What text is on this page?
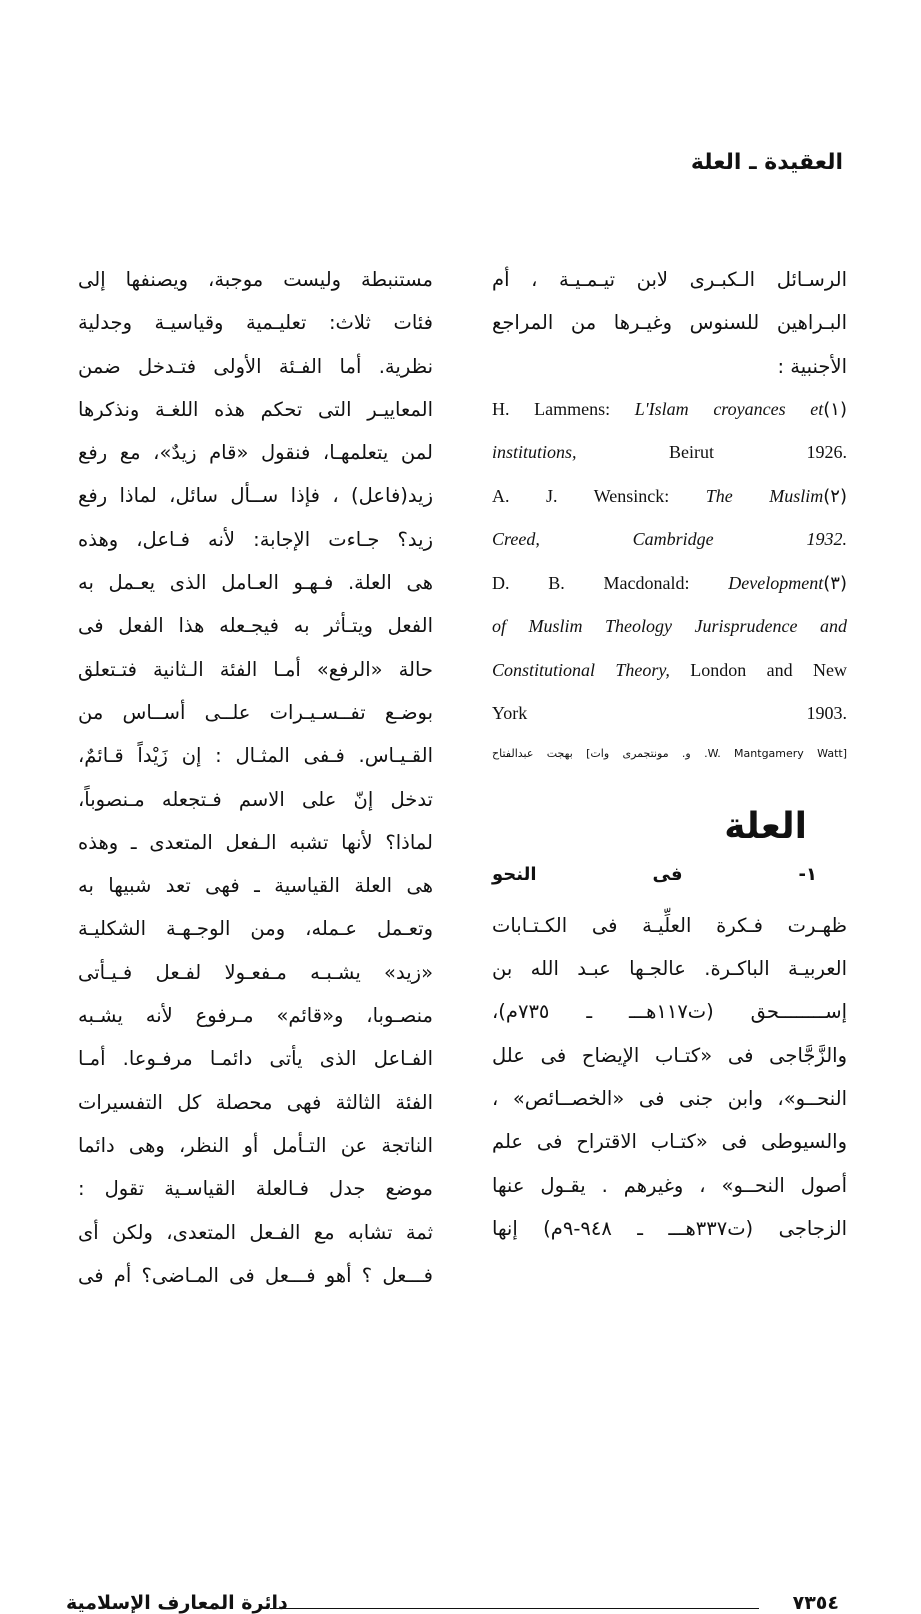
العقيدة ـ العلة
الرسـائل الـكبـرى لابن تيـمـيـة ، أم
البـراهين للسنوس وغيـرها من المراجع
الأجنبية :
(١)
H. Lammens: L'Islam croyances et
institutions, Beirut 1926.
(٢)
A. J. Wensinck: The Muslim
Creed, Cambridge 1932.
(٣)
D. B. Macdonald: Development
of Muslim Theology Jurisprudence and
Constitutional Theory, London and New
York 1903.
بهجت عبدالفتاح [و. مونتجمرى وات .W. Mantgamery Watt]
العلة
١- فى النحو
ظهـرت فـكرة العلِّيـة فى الكـتـابات
العربيـة الباكـرة. عالجـها عبـد الله بن
إســــــــحق (ت١١٧هـــ ـ ٧٣٥م)،
والزَّجَّاجى فى «كتـاب الإيضاح فى علل
النحــو»، وابن جنى فى «الخصــائص» ،
والسيوطى فى «كتـاب الاقتراح فى علم
أصول النحــو» ، وغيرهم . يقـول عنها
الزجاجى (ت٣٣٧هـــ ـ ٩٤٨-٩م) إنها
مستنبطة وليست موجبة، ويصنفها إلى
فئات ثلاث: تعليـمية وقياسيـة وجدلية
نظرية. أما الفـئة الأولى فتـدخل ضمن
المعاييـر التى تحكم هذه اللغـة ونذكرها
لمن يتعلمهـا، فنقول «قام زيدٌ»، مع رفع
زيد(فاعل) ، فإذا ســأل سائل، لماذا رفع
زيد؟ جـاءت الإجابة: لأنه فـاعل، وهذه
هى العلة. فـهـو العـامل الذى يعـمل به
الفعل ويتـأثر به فيجـعله هذا الفعل فى
حالة «الرفع» أمـا الفئة الـثانية فتـتعلق
بوضـع تفــسـيـرات علــى أســاس من
القـيـاس. فـفى المثـال : إن زَيْداً قـائمٌ،
تدخل إنّ على الاسم فـتجعله مـنصوباً،
لماذا؟ لأنها تشبه الـفعل المتعدى ـ وهذه
هى العلة القياسية ـ فهى تعد شبيها به
وتعـمل عـمله، ومن الوجـهـة الشكليـة
«زيد» يشـبـه مـفعـولا لفـعل فـيـأتى
منصـوبا، و«قائم» مـرفوع لأنه يشـبه
الفـاعل الذى يأتى دائمـا مرفـوعا. أمـا
الفئة الثالثة فهى محصلة كل التفسيرات
الناتجة عن التـأمل أو النظر، وهى دائما
موضع جدل فـالعلة القياسـية تقول :
ثمة تشابه مع الفـعل المتعدى، ولكن أى
فـــعل ؟ أهو فـــعل فى المـاضى؟ أم فى
دائرة المعارف الإسلامية	٧٣٥٤
